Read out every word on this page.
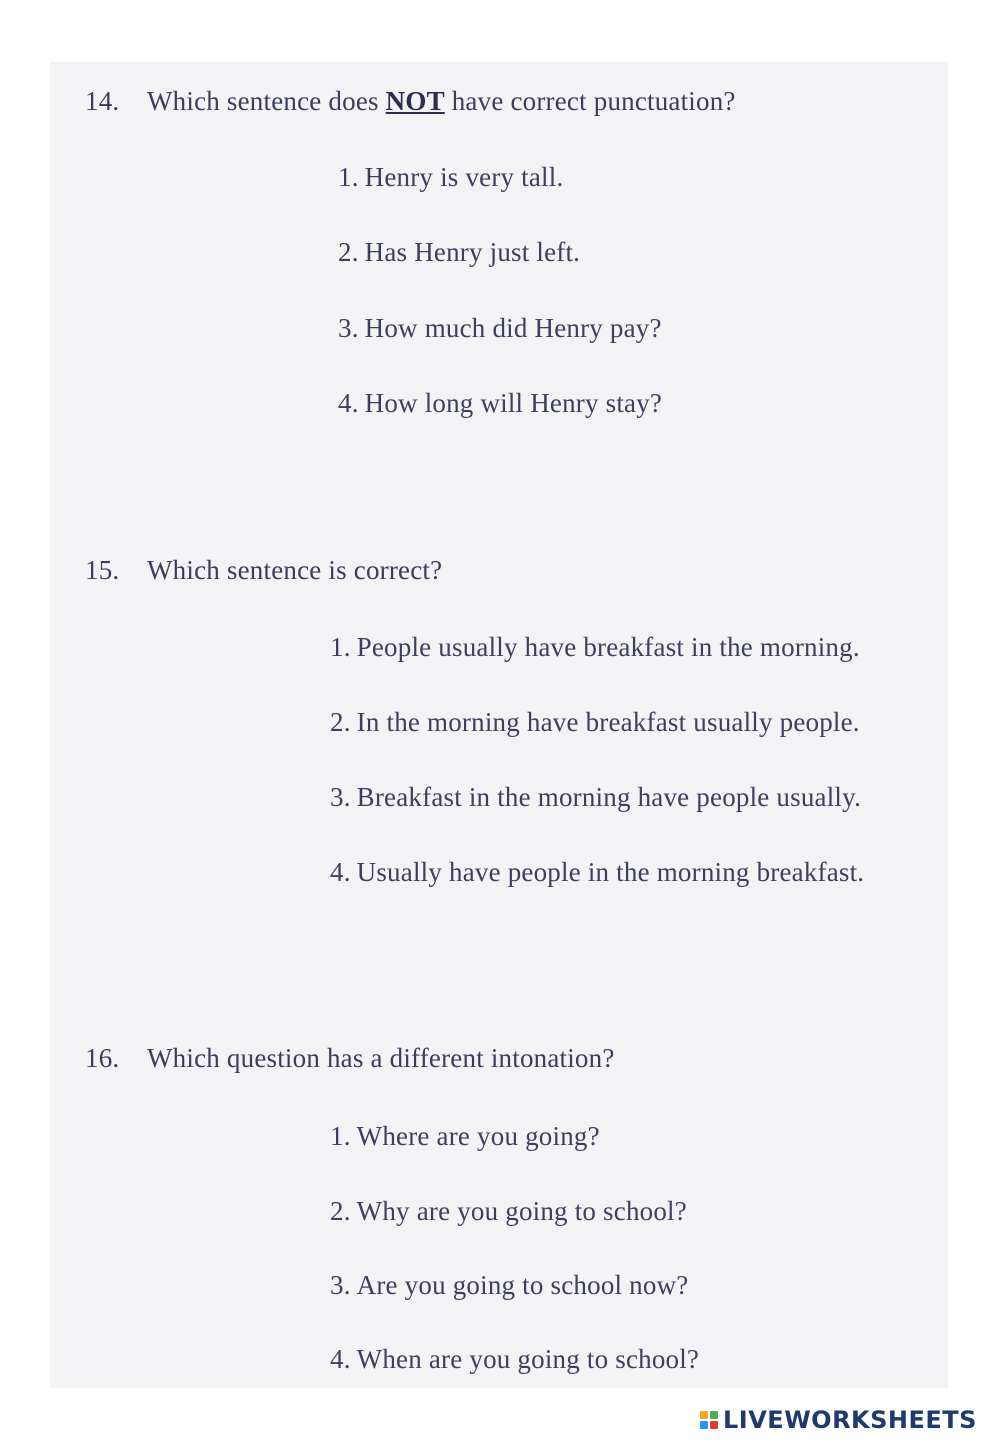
14. Which sentence does NOT have correct punctuation?
1. Henry is very tall.
2. Has Henry just left.
3. How much did Henry pay?
4. How long will Henry stay?
15. Which sentence is correct?
1. People usually have breakfast in the morning.
2. In the morning have breakfast usually people.
3. Breakfast in the morning have people usually.
4. Usually have people in the morning breakfast.
16. Which question has a different intonation?
1. Where are you going?
2. Why are you going to school?
3. Are you going to school now?
4. When are you going to school?
LIVEWORKSHEETS
